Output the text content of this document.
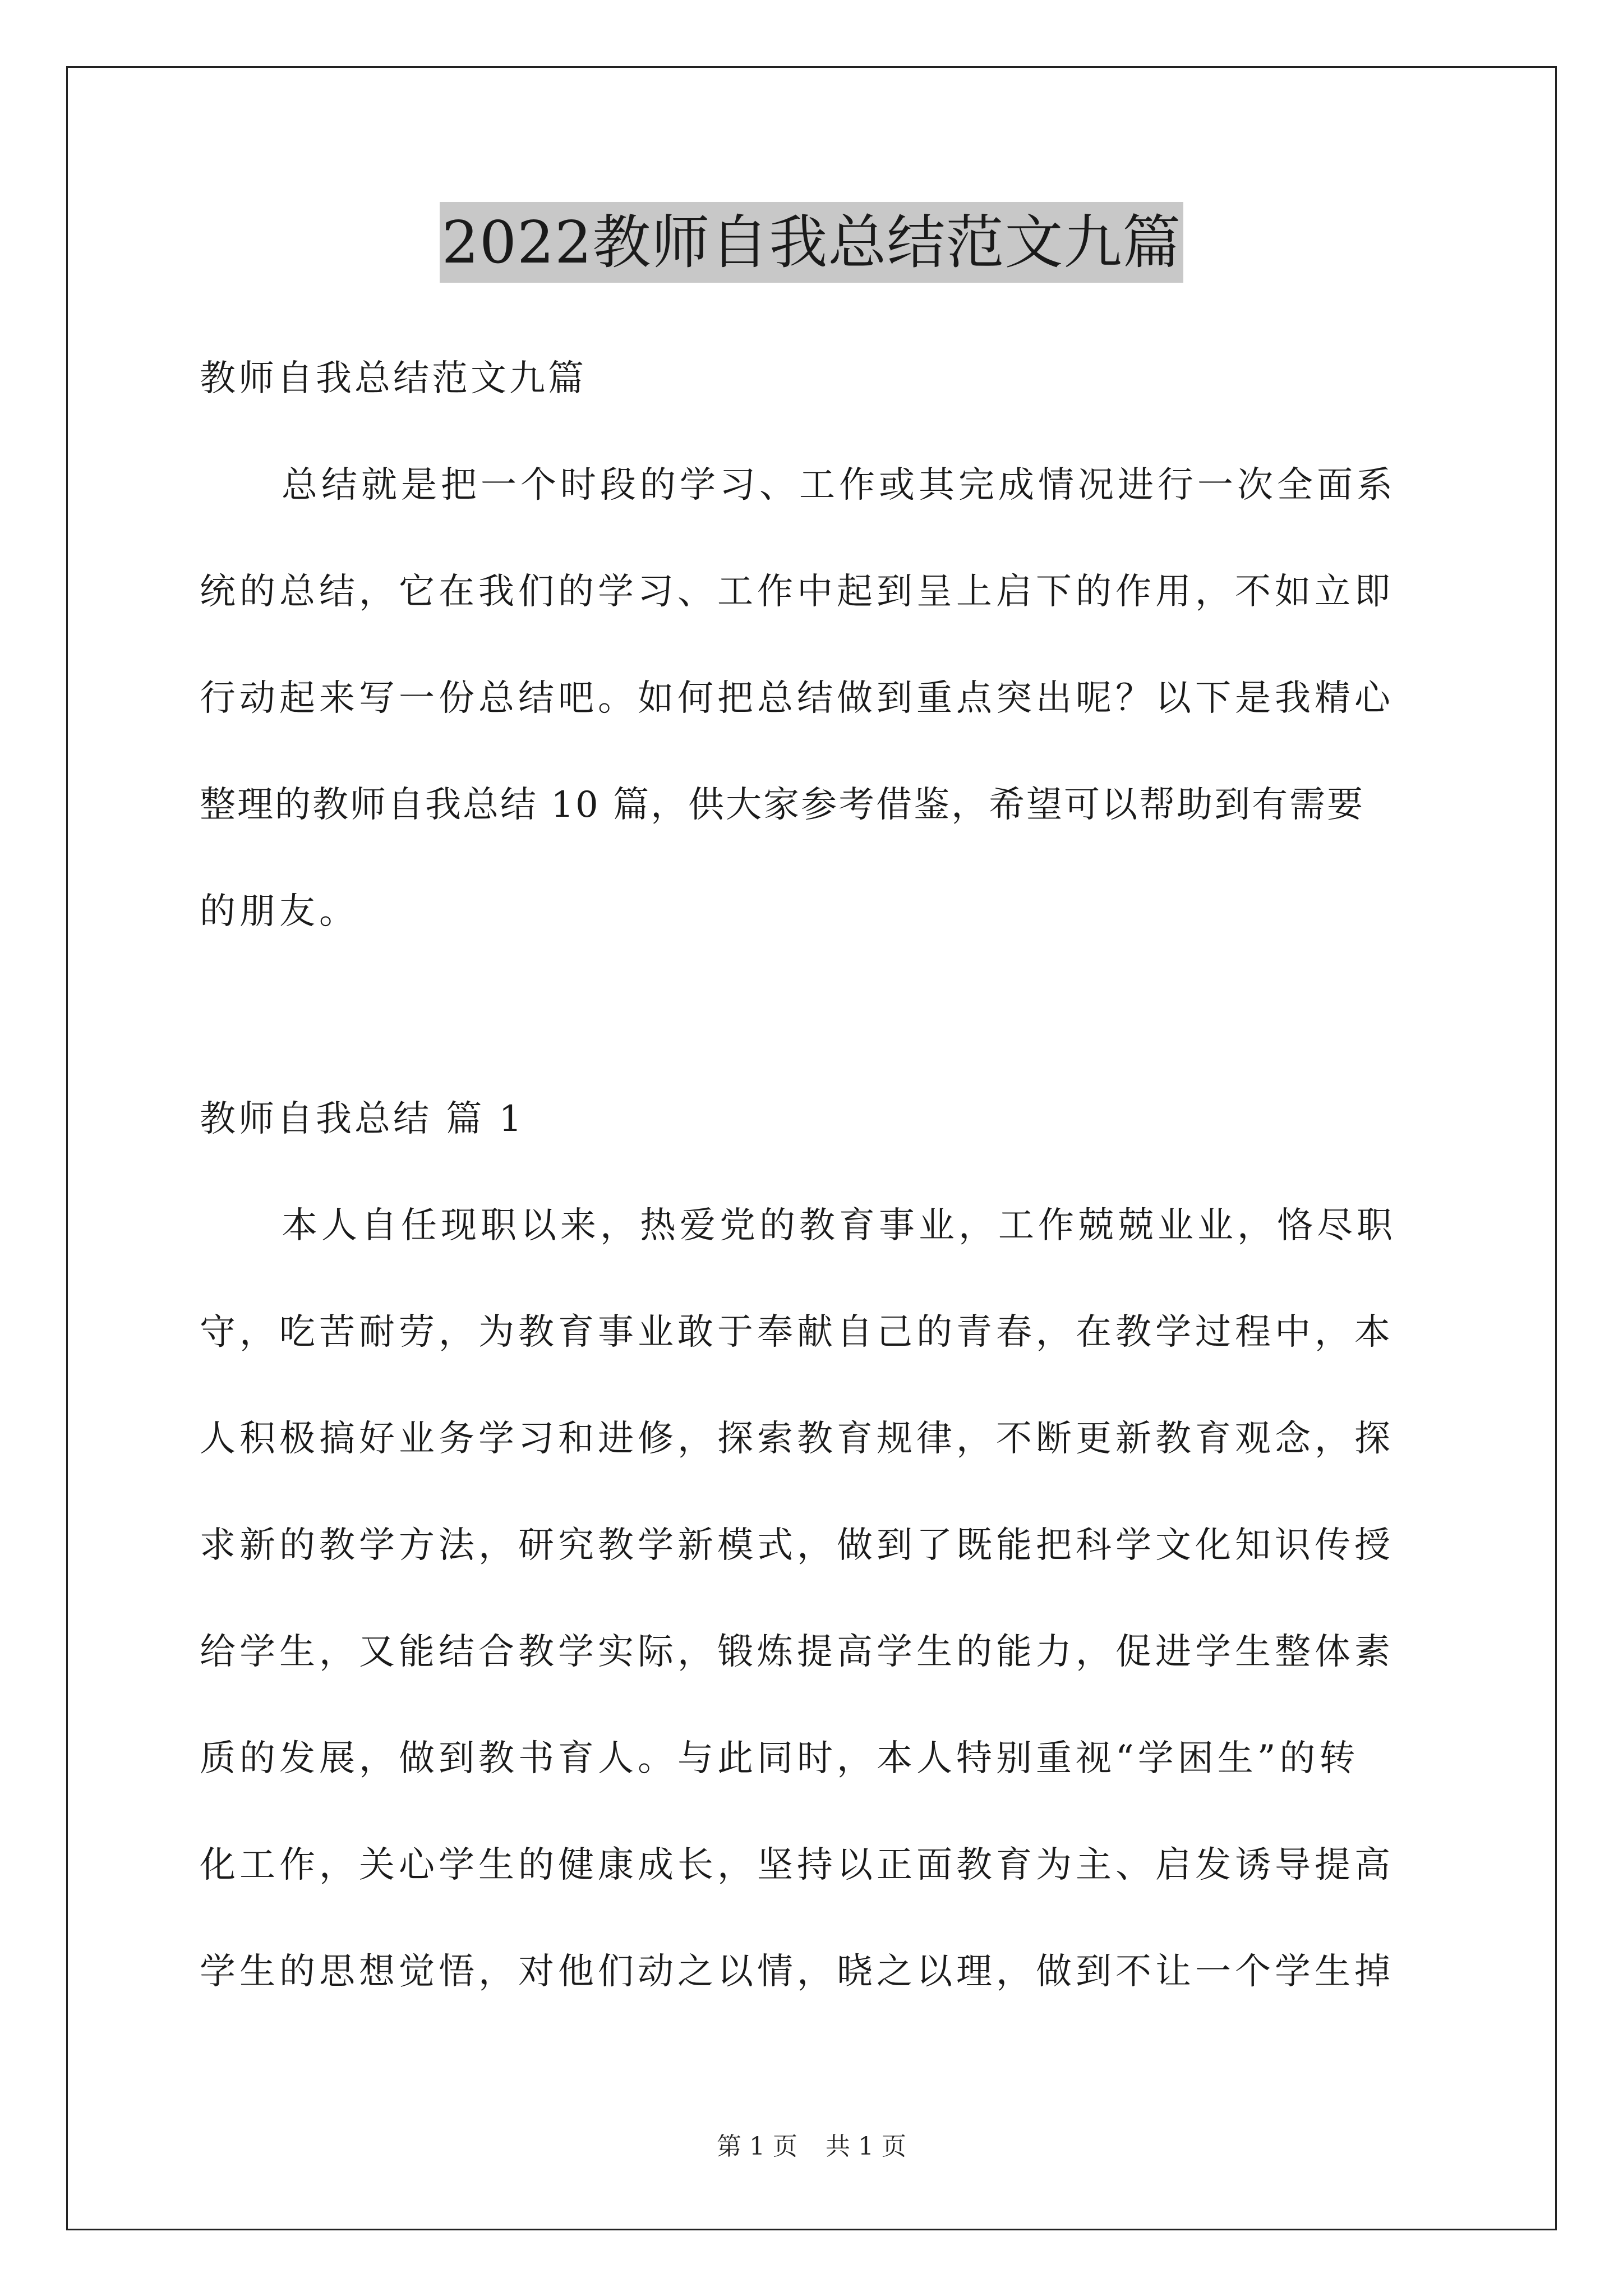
2022教师自我总结范文九篇
教师自我总结范文九篇
总结就是把一个时段的学习、工作或其完成情况进行一次全面系
统的总结，它在我们的学习、工作中起到呈上启下的作用，不如立即
行动起来写一份总结吧。如何把总结做到重点突出呢？以下是我精心
整理的教师自我总结 10 篇，供大家参考借鉴，希望可以帮助到有需要
的朋友。
教师自我总结 篇 1
本人自任现职以来，热爱党的教育事业，工作兢兢业业，恪尽职
守，吃苦耐劳，为教育事业敢于奉献自己的青春，在教学过程中，本
人积极搞好业务学习和进修，探索教育规律，不断更新教育观念，探
求新的教学方法，研究教学新模式，做到了既能把科学文化知识传授
给学生，又能结合教学实际，锻炼提高学生的能力，促进学生整体素
质的发展，做到教书育人。与此同时，本人特别重视“学困生”的转
化工作，关心学生的健康成长，坚持以正面教育为主、启发诱导提高
学生的思想觉悟，对他们动之以情，晓之以理，做到不让一个学生掉
第 1 页 共 1 页
